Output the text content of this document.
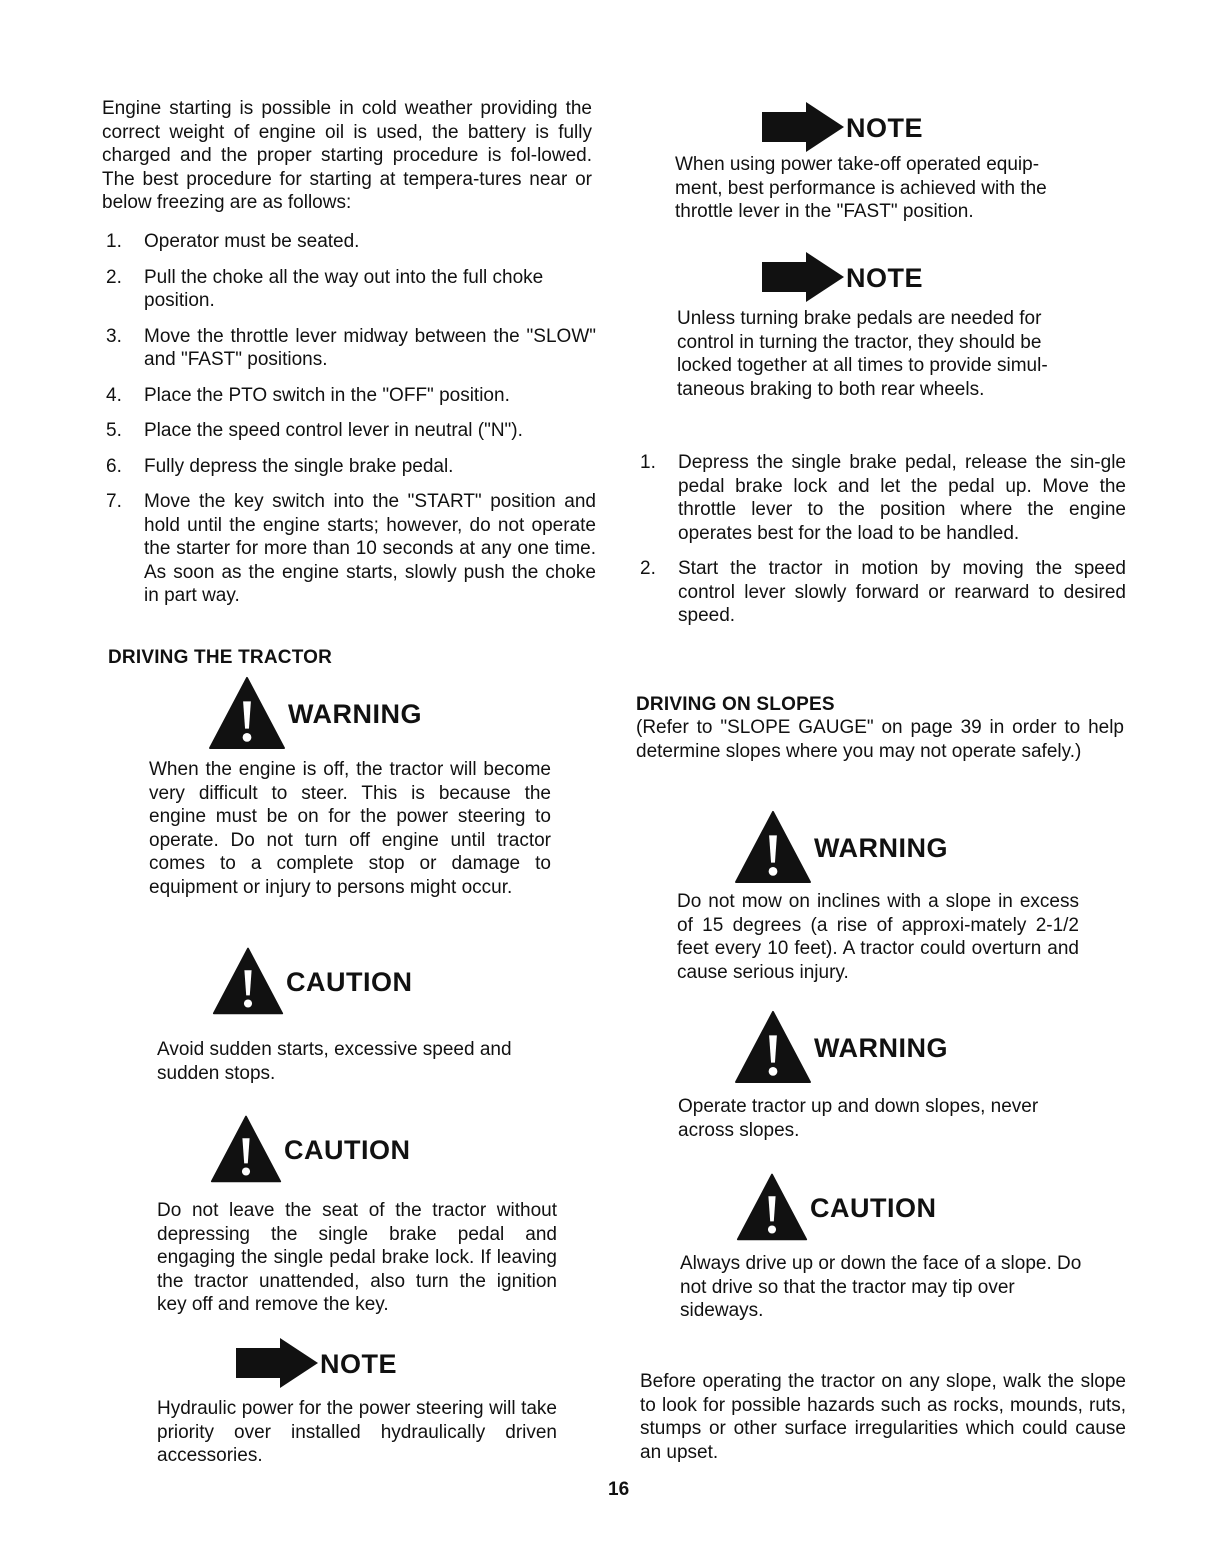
Engine starting is possible in cold weather providing the correct weight of engine oil is used, the battery is fully charged and the proper starting procedure is fol-lowed. The best procedure for starting at tempera-tures near or below freezing are as follows:

1. Operator must be seated.
2. Pull the choke all the way out into the full choke position.
3. Move the throttle lever midway between the "SLOW" and "FAST" positions.
4. Place the PTO switch in the "OFF" position.
5. Place the speed control lever in neutral ("N").
6. Fully depress the single brake pedal.
7. Move the key switch into the "START" position and hold until the engine starts; however, do not operate the starter for more than 10 seconds at any one time. As soon as the engine starts, slowly push the choke in part way.
DRIVING THE TRACTOR
WARNING

When the engine is off, the tractor will become very difficult to steer. This is because the engine must be on for the power steering to operate. Do not turn off engine until tractor comes to a complete stop or damage to equipment or injury to persons might occur.

CAUTION

Avoid sudden starts, excessive speed and sudden stops.

CAUTION

Do not leave the seat of the tractor without depressing the single brake pedal and engaging the single pedal brake lock. If leaving the tractor unattended, also turn the ignition key off and remove the key.

NOTE

Hydraulic power for the power steering will take priority over installed hydraulically driven accessories.

NOTE

When using power take-off operated equip-ment, best performance is achieved with the throttle lever in the "FAST" position.

NOTE

Unless turning brake pedals are needed for control in turning the tractor, they should be locked together at all times to provide simul-taneous braking to both rear wheels.

1. Depress the single brake pedal, release the sin-gle pedal brake lock and let the pedal up. Move the throttle lever to the position where the engine operates best for the load to be handled.
2. Start the tractor in motion by moving the speed control lever slowly forward or rearward to desired speed.
DRIVING ON SLOPES

(Refer to "SLOPE GAUGE" on page 39 in order to help determine slopes where you may not operate safely.)

WARNING

Do not mow on inclines with a slope in excess of 15 degrees (a rise of approxi-mately 2-1/2 feet every 10 feet). A tractor could overturn and cause serious injury.

WARNING

Operate tractor up and down slopes, never across slopes.

CAUTION

Always drive up or down the face of a slope. Do not drive so that the tractor may tip over sideways.

Before operating the tractor on any slope, walk the slope to look for possible hazards such as rocks, mounds, ruts, stumps or other surface irregularities which could cause an upset.

16
